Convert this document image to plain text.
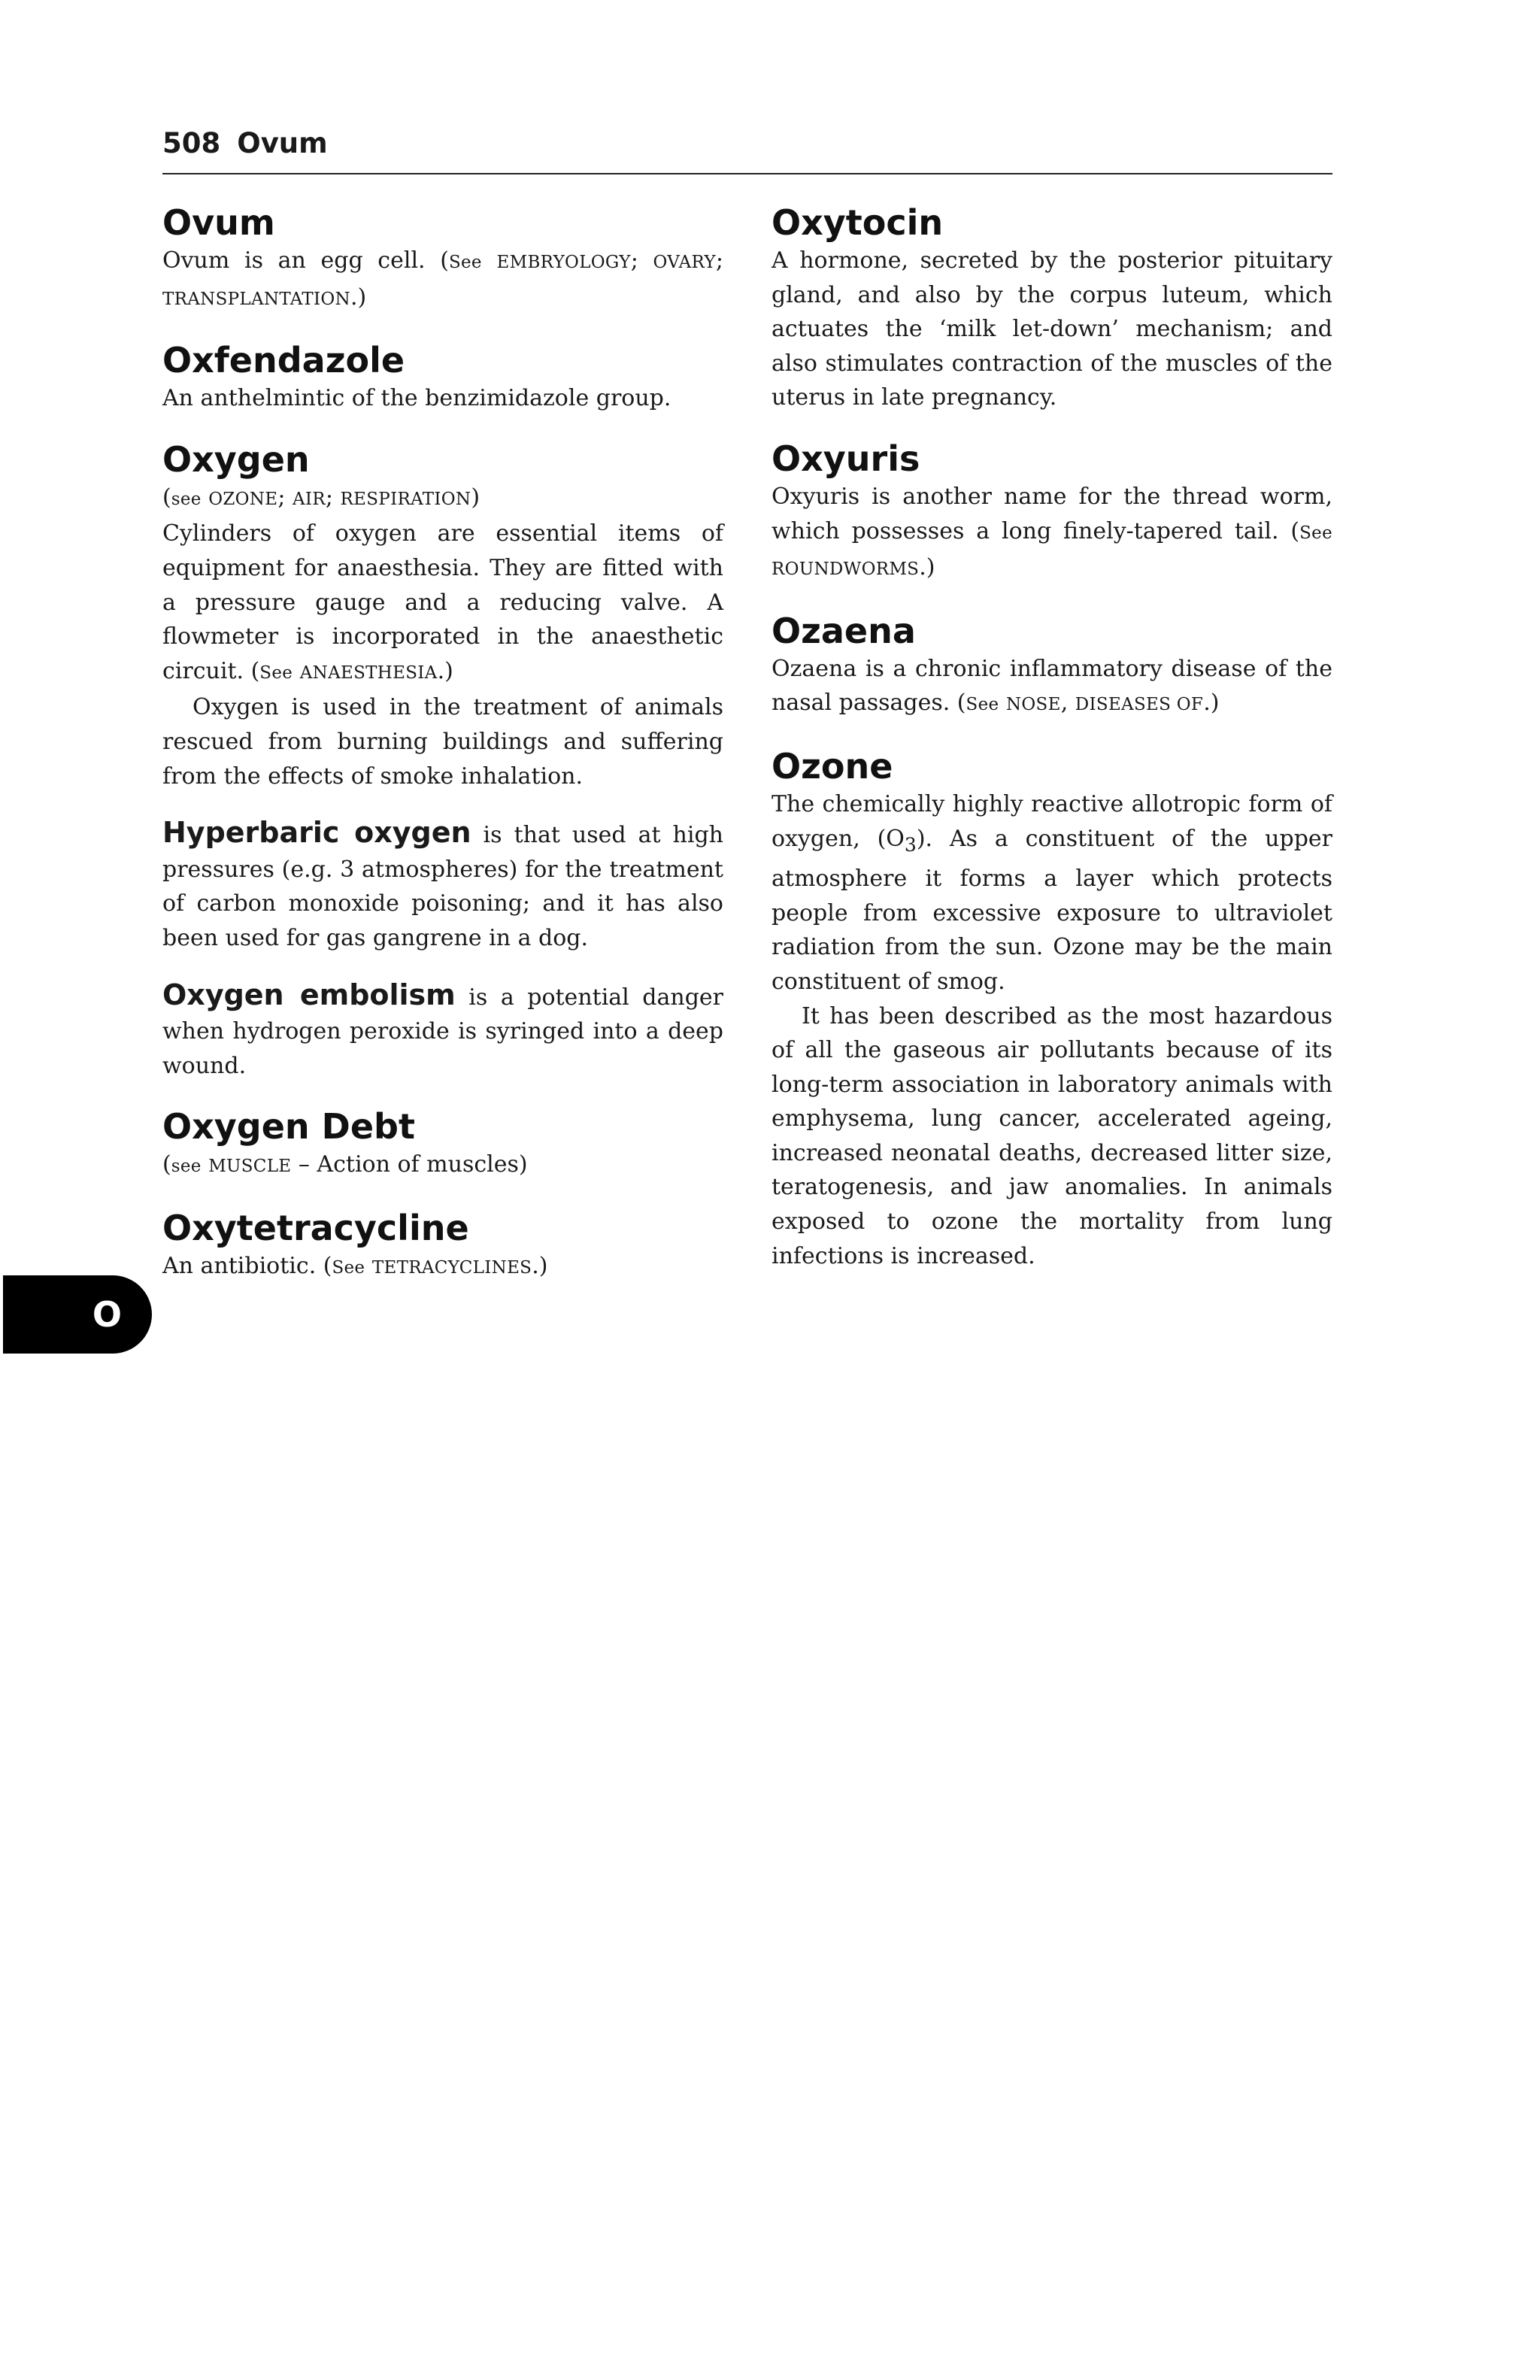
508 Ovum
Ovum

Ovum is an egg cell. (See EMBRYOLOGY; OVARY; TRANSPLANTATION.)

Oxfendazole

An anthelmintic of the benzimidazole group.

Oxygen

(see OZONE; AIR; RESPIRATION)

Cylinders of oxygen are essential items of equipment for anaesthesia. They are fitted with a pressure gauge and a reducing valve. A flowmeter is incorporated in the anaesthetic circuit. (See ANAESTHESIA.)

Oxygen is used in the treatment of animals rescued from burning buildings and suffering from the effects of smoke inhalation.

Hyperbaric oxygen is that used at high pressures (e.g. 3 atmospheres) for the treatment of carbon monoxide poisoning; and it has also been used for gas gangrene in a dog.

Oxygen embolism is a potential danger when hydrogen peroxide is syringed into a deep wound.

Oxygen Debt

(see MUSCLE – Action of muscles)

Oxytetracycline

An antibiotic. (See TETRACYCLINES.)

Oxytocin

A hormone, secreted by the posterior pituitary gland, and also by the corpus luteum, which actuates the ‘milk let-down’ mechanism; and also stimulates contraction of the muscles of the uterus in late pregnancy.

Oxyuris

Oxyuris is another name for the thread worm, which possesses a long finely-tapered tail. (See ROUNDWORMS.)

Ozaena

Ozaena is a chronic inflammatory disease of the nasal passages. (See NOSE, DISEASES OF.)

Ozone

The chemically highly reactive allotropic form of oxygen, $(O_3)$. As a constituent of the upper atmosphere it forms a layer which protects people from excessive exposure to ultraviolet radiation from the sun. Ozone may be the main constituent of smog.

It has been described as the most hazardous of all the gaseous air pollutants because of its long-term association in laboratory animals with emphysema, lung cancer, accelerated ageing, increased neonatal deaths, decreased litter size, teratogenesis, and jaw anomalies. In animals exposed to ozone the mortality from lung infections is increased.

O
